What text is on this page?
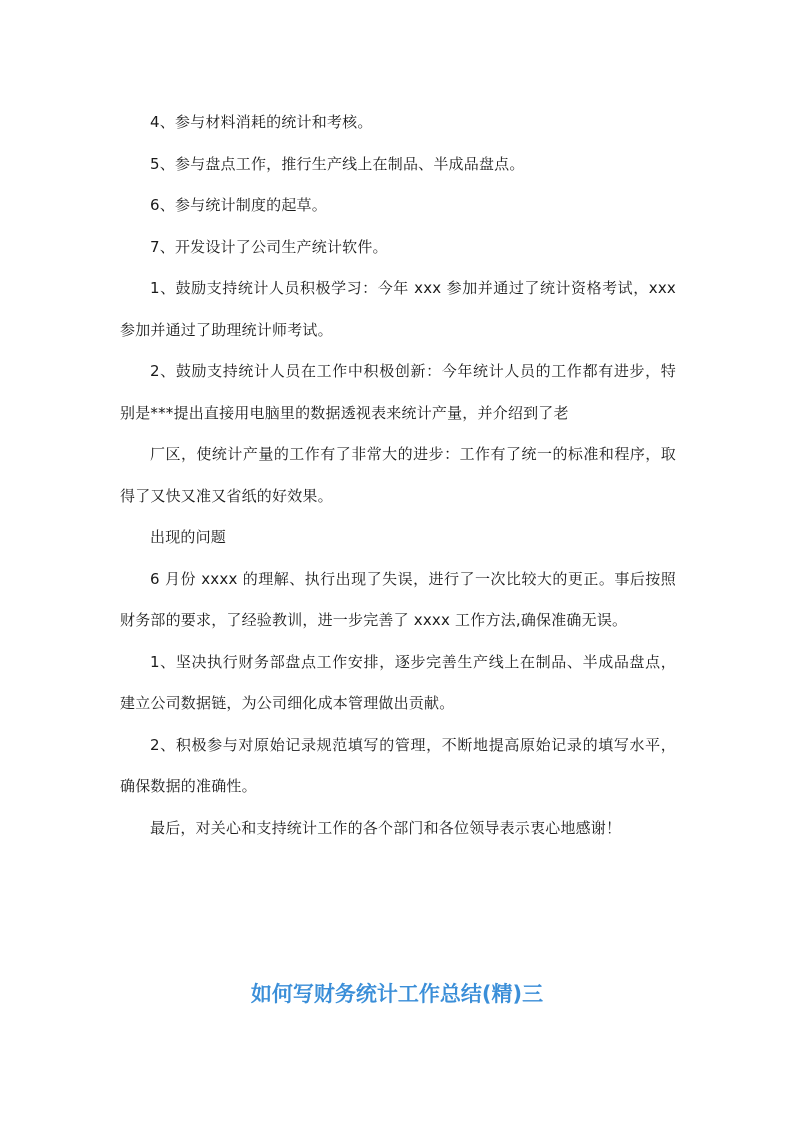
4、参与材料消耗的统计和考核。

5、参与盘点工作，推行生产线上在制品、半成品盘点。

6、参与统计制度的起草。

7、开发设计了公司生产统计软件。

1、鼓励支持统计人员积极学习：今年 xxx 参加并通过了统计资格考试，xxx 参加并通过了助理统计师考试。

2、鼓励支持统计人员在工作中积极创新：今年统计人员的工作都有进步，特别是***提出直接用电脑里的数据透视表来统计产量，并介绍到了老

厂区，使统计产量的工作有了非常大的进步：工作有了统一的标准和程序，取得了又快又准又省纸的好效果。

出现的问题

6 月份 xxxx 的理解、执行出现了失误，进行了一次比较大的更正。事后按照财务部的要求，了经验教训，进一步完善了 xxxx 工作方法,确保准确无误。

1、坚决执行财务部盘点工作安排，逐步完善生产线上在制品、半成品盘点，建立公司数据链，为公司细化成本管理做出贡献。

2、积极参与对原始记录规范填写的管理，不断地提高原始记录的填写水平，确保数据的准确性。

最后，对关心和支持统计工作的各个部门和各位领导表示衷心地感谢！

如何写财务统计工作总结(精)三
